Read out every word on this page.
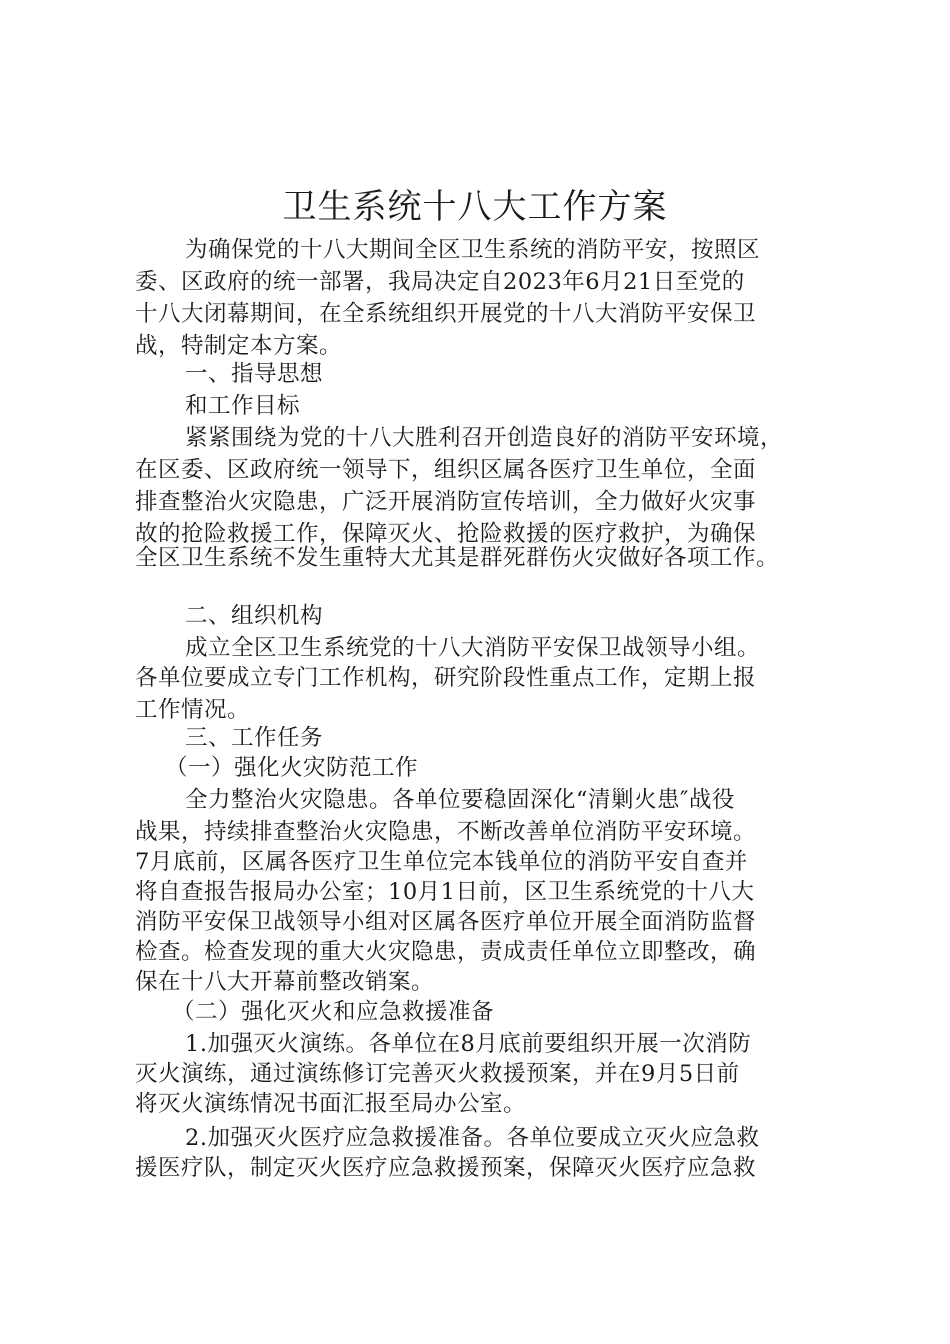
卫生系统十八大工作方案
为确保党的十八大期间全区卫生系统的消防平安，按照区
委、区政府的统一部署，我局决定自2023年6月21日至党的
十八大闭幕期间，在全系统组织开展党的十八大消防平安保卫
战，特制定本方案。
一、指导思想
和工作目标
紧紧围绕为党的十八大胜利召开创造良好的消防平安环境，
在区委、区政府统一领导下，组织区属各医疗卫生单位，全面
排查整治火灾隐患，广泛开展消防宣传培训，全力做好火灾事
故的抢险救援工作，保障灭火、抢险救援的医疗救护，为确保
全区卫生系统不发生重特大尤其是群死群伤火灾做好各项工作。
二、组织机构
成立全区卫生系统党的十八大消防平安保卫战领导小组。
各单位要成立专门工作机构，研究阶段性重点工作，定期上报
工作情况。
三、工作任务
（一）强化火灾防范工作
全力整治火灾隐患。各单位要稳固深化“清剿火患″战役
战果，持续排查整治火灾隐患，不断改善单位消防平安环境。
7月底前，区属各医疗卫生单位完本钱单位的消防平安自查并
将自查报告报局办公室；10月1日前，区卫生系统党的十八大
消防平安保卫战领导小组对区属各医疗单位开展全面消防监督
检查。检查发现的重大火灾隐患，责成责任单位立即整改，确
保在十八大开幕前整改销案。
（二）强化灭火和应急救援准备
1.加强灭火演练。各单位在8月底前要组织开展一次消防
灭火演练，通过演练修订完善灭火救援预案，并在9月5日前
将灭火演练情况书面汇报至局办公室。
2.加强灭火医疗应急救援准备。各单位要成立灭火应急救
援医疗队，制定灭火医疗应急救援预案，保障灭火医疗应急救
